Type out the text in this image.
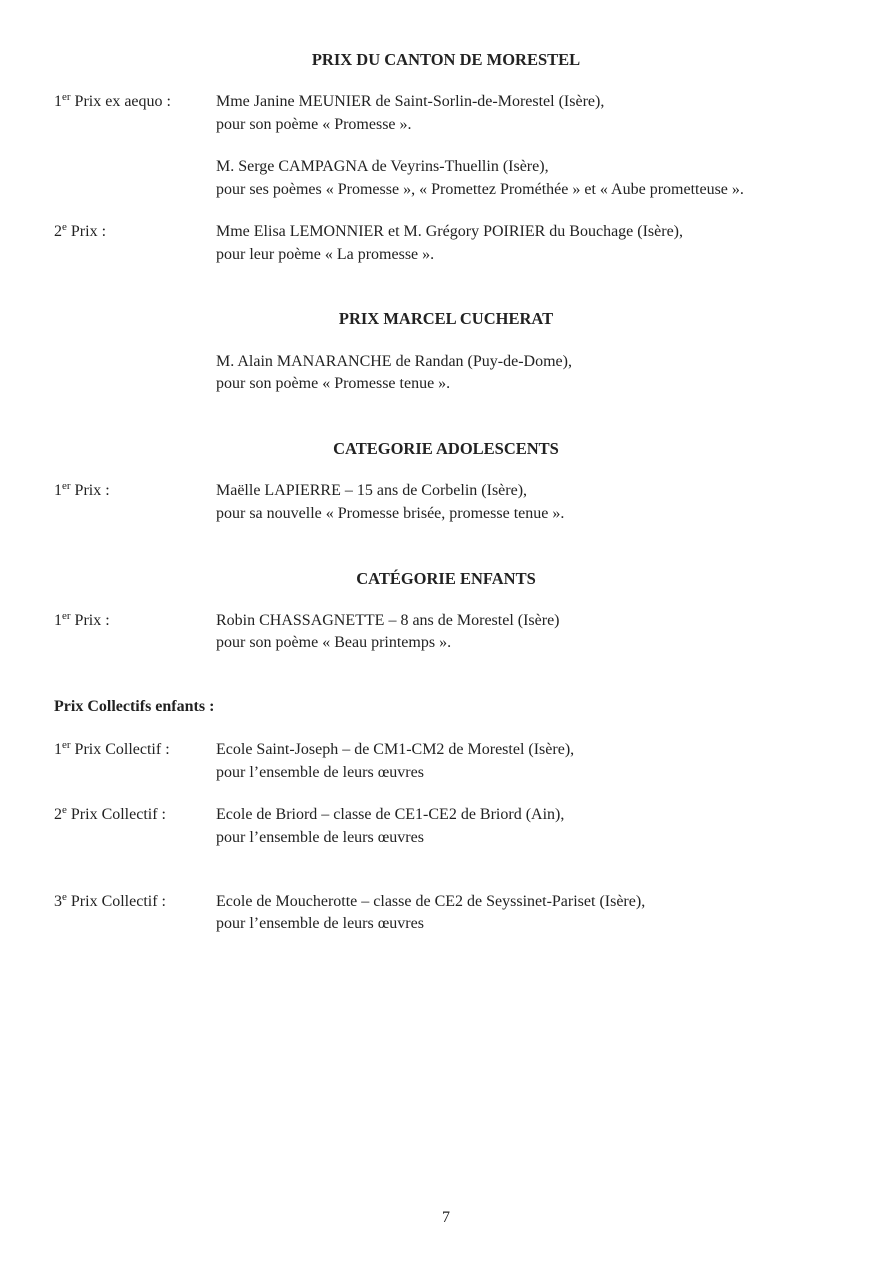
PRIX DU CANTON DE MORESTEL
1er Prix ex aequo :	Mme Janine MEUNIER de Saint-Sorlin-de-Morestel (Isère),
pour son poème « Promesse ».
M. Serge CAMPAGNA de Veyrins-Thuellin (Isère),
pour ses poèmes « Promesse », « Promettez Prométhée » et « Aube prometteuse ».
2e Prix :	Mme Elisa LEMONNIER et M. Grégory POIRIER du Bouchage (Isère),
pour leur poème « La promesse ».
PRIX MARCEL CUCHERAT
M. Alain MANARANCHE de Randan (Puy-de-Dome),
pour son poème « Promesse tenue ».
CATEGORIE ADOLESCENTS
1er Prix :	Maëlle LAPIERRE – 15 ans de Corbelin (Isère),
pour sa nouvelle « Promesse brisée, promesse tenue ».
CATÉGORIE ENFANTS
1er Prix :	Robin CHASSAGNETTE – 8 ans de Morestel (Isère)
pour son poème « Beau printemps ».
Prix Collectifs enfants :
1er Prix Collectif :	Ecole Saint-Joseph – de CM1-CM2 de Morestel (Isère),
pour l’ensemble de leurs œuvres
2e Prix Collectif :	Ecole de Briord – classe de CE1-CE2 de Briord (Ain),
pour l’ensemble de leurs œuvres
3e Prix Collectif :	Ecole de Moucherotte – classe de CE2 de Seyssinet-Pariset (Isère),
pour l’ensemble de leurs œuvres
7
